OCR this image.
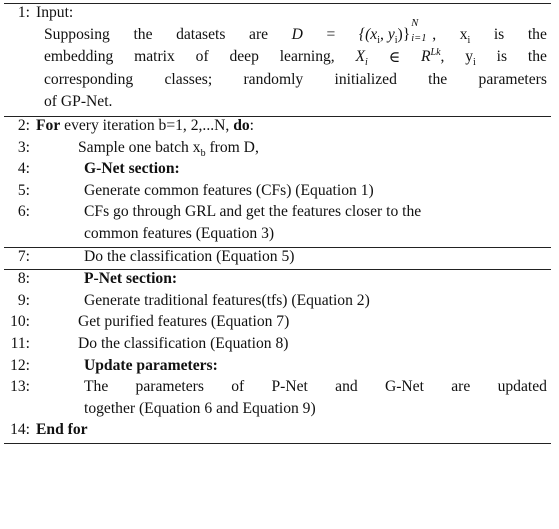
1: Input:
Supposing the datasets are $D = \{(x_i$, $y_i$)}
N
i=1 , $x_i$ is the
embedding matrix of deep learning, $X_i$ ∈ $R^{Lk}$, $y_i$ is the
corresponding classes; randomly initialized the parameters
of GP-Net.
2: For every iteration b=1, 2,...N, do:
3:	Sample one batch $x_b$ from D,
4:	G-Net section:
5:	Generate common features (CFs) (Equation 1)
6:	CFs go through GRL and get the features closer to the
common features (Equation 3)
7:	Do the classification (Equation 5)
8:	P-Net section:
9:	Generate traditional features(tfs) (Equation 2)
10:	Get purified features (Equation 7)
11:	Do the classification (Equation 8)
12:	Update parameters:
13:	The parameters of P-Net and G-Net are updated
together (Equation 6 and Equation 9)
14: End for
